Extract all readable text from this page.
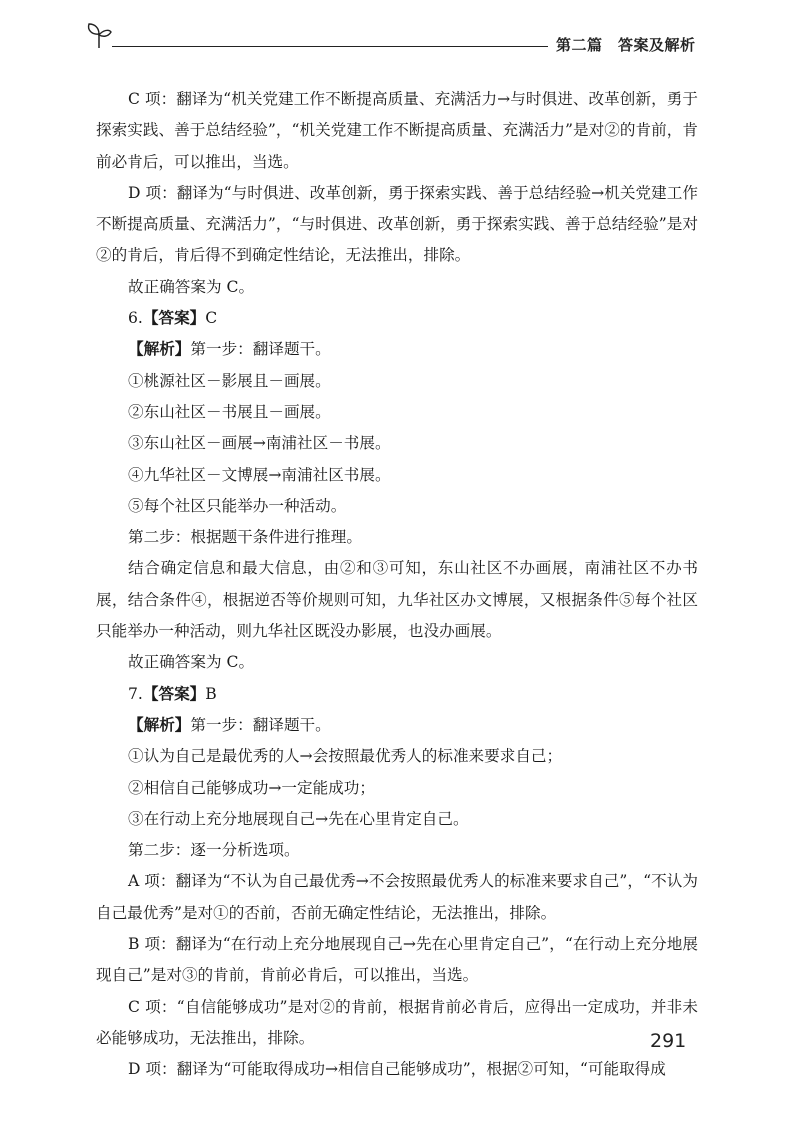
第二篇　答案及解析

C 项：翻译为“机关党建工作不断提高质量、充满活力→与时俱进、改革创新，勇于探索实践、善于总结经验”，“机关党建工作不断提高质量、充满活力”是对②的肯前，肯前必肯后，可以推出，当选。

D 项：翻译为“与时俱进、改革创新，勇于探索实践、善于总结经验→机关党建工作不断提高质量、充满活力”，“与时俱进、改革创新，勇于探索实践、善于总结经验”是对②的肯后，肯后得不到确定性结论，无法推出，排除。

故正确答案为 C。

6.【答案】C

【解析】第一步：翻译题干。

①桃源社区－影展且－画展。

②东山社区－书展且－画展。

③东山社区－画展→南浦社区－书展。

④九华社区－文博展→南浦社区书展。

⑤每个社区只能举办一种活动。

第二步：根据题干条件进行推理。

结合确定信息和最大信息，由②和③可知，东山社区不办画展，南浦社区不办书展，结合条件④，根据逆否等价规则可知，九华社区办文博展，又根据条件⑤每个社区只能举办一种活动，则九华社区既没办影展，也没办画展。

故正确答案为 C。

7.【答案】B

【解析】第一步：翻译题干。

①认为自己是最优秀的人→会按照最优秀人的标准来要求自己；

②相信自己能够成功→一定能成功；

③在行动上充分地展现自己→先在心里肯定自己。

第二步：逐一分析选项。

A 项：翻译为“不认为自己最优秀→不会按照最优秀人的标准来要求自己”，“不认为自己最优秀”是对①的否前，否前无确定性结论，无法推出，排除。

B 项：翻译为“在行动上充分地展现自己→先在心里肯定自己”，“在行动上充分地展现自己”是对③的肯前，肯前必肯后，可以推出，当选。

C 项：“自信能够成功”是对②的肯前，根据肯前必肯后，应得出一定成功，并非未必能够成功，无法推出，排除。

D 项：翻译为“可能取得成功→相信自己能够成功”，根据②可知，“可能取得成

291
